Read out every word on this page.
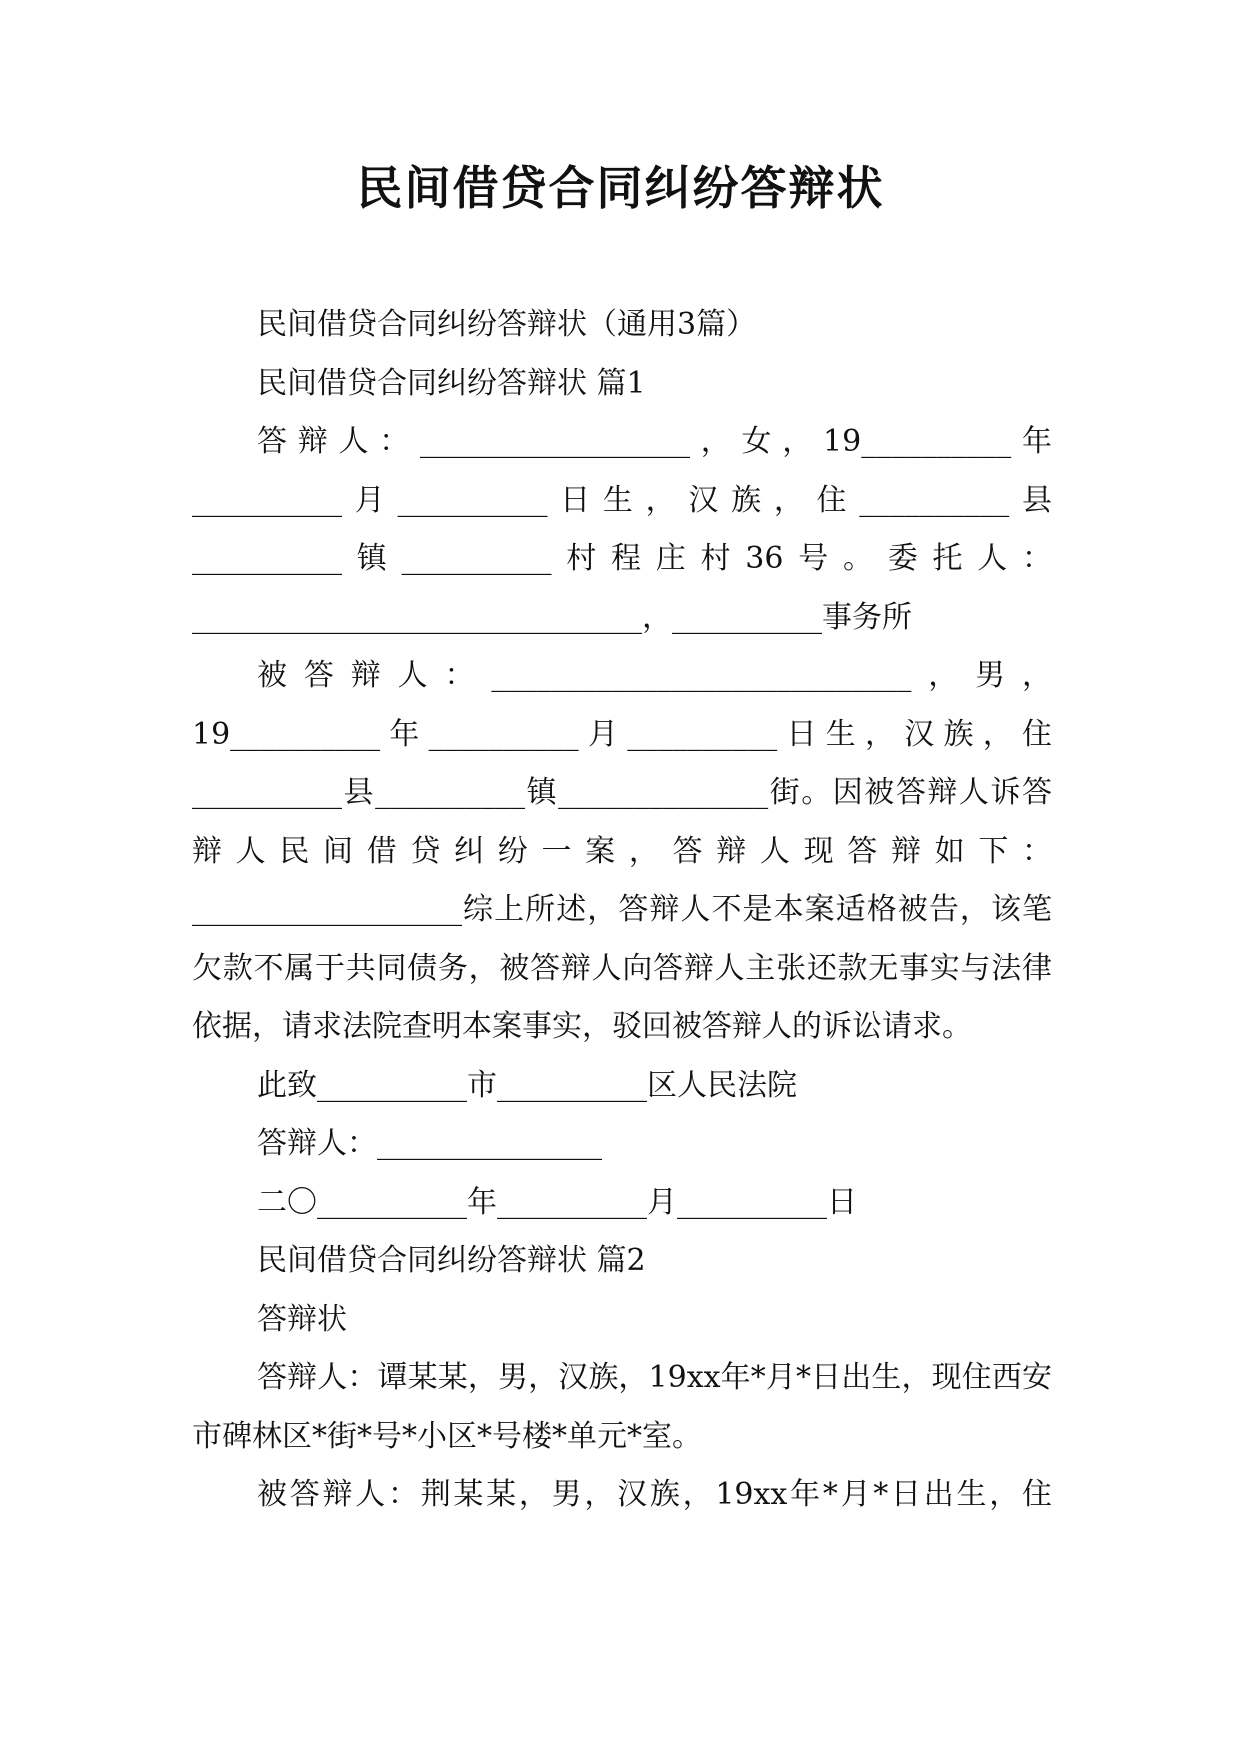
民间借贷合同纠纷答辩状

民间借贷合同纠纷答辩状（通用3篇）

民间借贷合同纠纷答辩状 篇1

答辩人：__________________，女，19__________年__________月__________日生，汉族，住__________县__________镇__________村程庄村36号。委托人：______________________________，__________事务所

被答辩人：____________________________，男，19__________年__________月__________日生，汉族，住__________县__________镇______________街。因被答辩人诉答辩人民间借贷纠纷一案，答辩人现答辩如下：__________________综上所述，答辩人不是本案适格被告，该笔欠款不属于共同债务，被答辩人向答辩人主张还款无事实与法律依据，请求法院查明本案事实，驳回被答辩人的诉讼请求。

此致__________市__________区人民法院

答辩人：_______________

二〇__________年__________月__________日

民间借贷合同纠纷答辩状 篇2

答辩状

答辩人：谭某某，男，汉族，19xx年*月*日出生，现住西安市碑林区*街*号*小区*号楼*单元*室。

被答辩人：荆某某，男，汉族，19xx年*月*日出生，住
